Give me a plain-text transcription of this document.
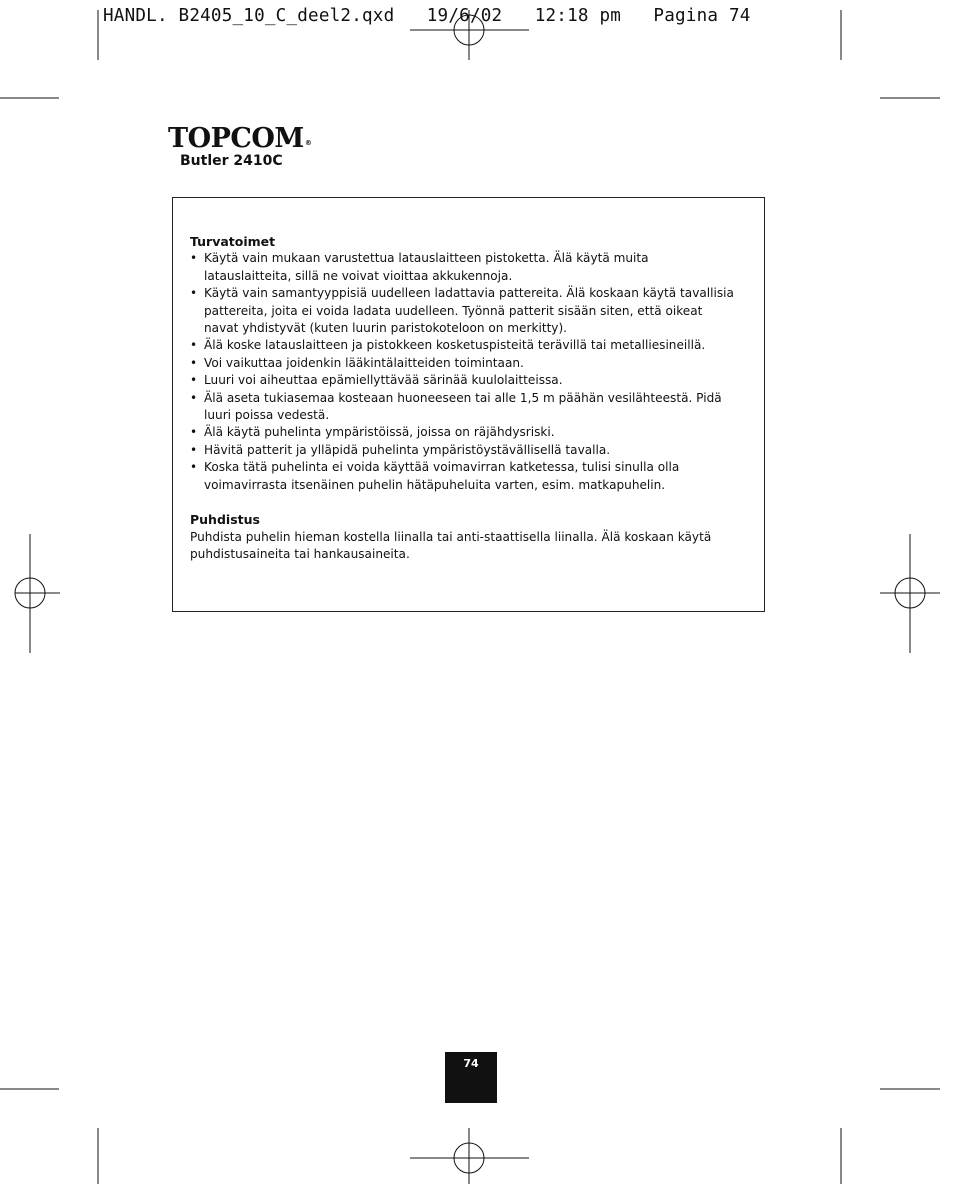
HANDL. B2405_10_C_deel2.qxd   19/6/02   12:18 pm   Pagina 74
TOPCOM®
Butler 2410C
Turvatoimet
• Käytä vain mukaan varustettua latauslaitteen pistoketta. Älä käytä muita latauslaitteita, sillä ne voivat vioittaa akkukennoja.
• Käytä vain samantyyppisiä uudelleen ladattavia pattereita. Älä koskaan käytä tavallisia pattereita, joita ei voida ladata uudelleen. Työnnä patterit sisään siten, että oikeat navat yhdistyvät (kuten luurin paristokoteloon on merkitty).
• Älä koske latauslaitteen ja pistokkeen kosketuspisteitä terävillä tai metalliesineillä.
• Voi vaikuttaa joidenkin lääkintälaitteiden toimintaan.
• Luuri voi aiheuttaa epämiellyttävää särinää kuulolaitteissa.
• Älä aseta tukiasemaa kosteaan huoneeseen tai alle 1,5 m päähän vesilähteestä. Pidä luuri poissa vedestä.
• Älä käytä puhelinta ympäristöissä, joissa on räjähdysriski.
• Hävitä patterit ja ylläpidä puhelinta ympäristöystävällisellä tavalla.
• Koska tätä puhelinta ei voida käyttää voimavirran katketessa, tulisi sinulla olla voimavirrasta itsenäinen puhelin hätäpuheluita varten, esim. matkapuhelin.
Puhdistus

Puhdista puhelin hieman kostella liinalla tai anti-staattisella liinalla. Älä koskaan käytä puhdistusaineita tai hankausaineita.

74
